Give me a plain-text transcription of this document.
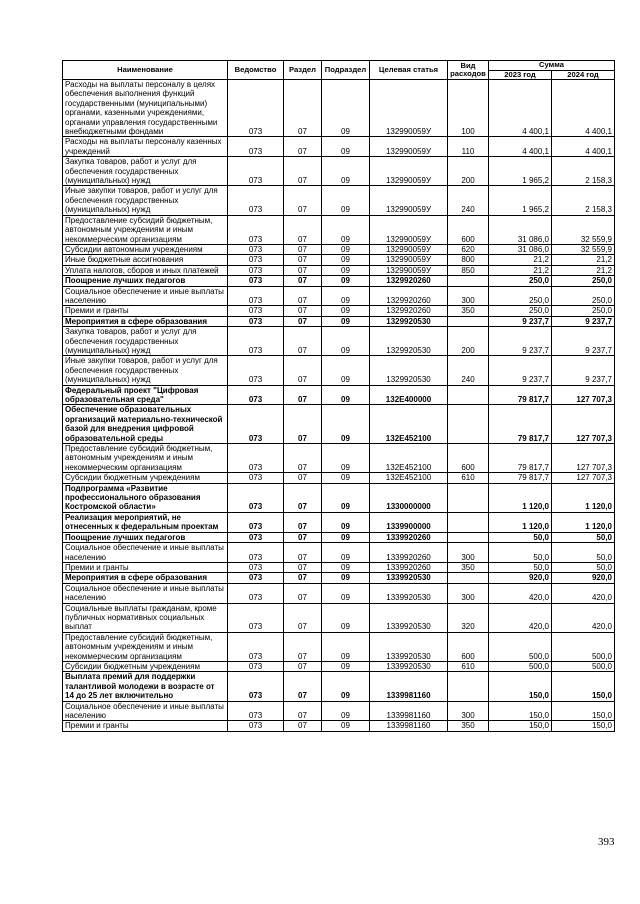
Наименование	Ведомство	Раздел	Подраздел	Целевая статья	Вид расходов	Сумма	
						2023 год	2024 год
Расходы на выплаты персоналу в целях обеспечения выполнения функций государственными (муниципальными) органами, казенными учреждениями, органами управления государственными внебюджетными фондами	073	07	09	132990059У	100	4 400,1	4 400,1
Расходы на выплаты персоналу казенных учреждений	073	07	09	132990059У	110	4 400,1	4 400,1
Закупка товаров, работ и услуг для обеспечения государственных (муниципальных) нужд	073	07	09	132990059У	200	1 965,2	2 158,3
Иные закупки товаров, работ и услуг для обеспечения государственных (муниципальных) нужд	073	07	09	132990059У	240	1 965,2	2 158,3
Предоставление субсидий бюджетным, автономным учреждениям и иным некоммерческим организациям	073	07	09	132990059У	600	31 086,0	32 559,9
Субсидии автономным учреждениям	073	07	09	132990059У	620	31 086,0	32 559,9
Иные бюджетные ассигнования	073	07	09	132990059У	800	21,2	21,2
Уплата налогов, сборов и иных платежей	073	07	09	132990059У	850	21,2	21,2
Поощрение лучших педагогов	073	07	09	1329920260		250,0	250,0
Социальное обеспечение и иные выплаты населению	073	07	09	1329920260	300	250,0	250,0
Премии и гранты	073	07	09	1329920260	350	250,0	250,0
Мероприятия в сфере образования	073	07	09	1329920530		9 237,7	9 237,7
Закупка товаров, работ и услуг для обеспечения государственных (муниципальных) нужд	073	07	09	1329920530	200	9 237,7	9 237,7
Иные закупки товаров, работ и услуг для обеспечения государственных (муниципальных) нужд	073	07	09	1329920530	240	9 237,7	9 237,7
Федеральный проект "Цифровая образовательная среда"	073	07	09	132E400000		79 817,7	127 707,3
Обеспечение образовательных организаций материально-технической базой для внедрения цифровой образовательной среды	073	07	09	132E452100		79 817,7	127 707,3
Предоставление субсидий бюджетным, автономным учреждениям и иным некоммерческим организациям	073	07	09	132E452100	600	79 817,7	127 707,3
Субсидии бюджетным учреждениям	073	07	09	132E452100	610	79 817,7	127 707,3
Подпрограмма «Развитие профессионального образования Костромской области»	073	07	09	1330000000		1 120,0	1 120,0
Реализация мероприятий, не отнесенных к федеральным проектам	073	07	09	1339900000		1 120,0	1 120,0
Поощрение лучших педагогов	073	07	09	1339920260		50,0	50,0
Социальное обеспечение и иные выплаты населению	073	07	09	1339920260	300	50,0	50,0
Премии и гранты	073	07	09	1339920260	350	50,0	50,0
Мероприятия в сфере образования	073	07	09	1339920530		920,0	920,0
Социальное обеспечение и иные выплаты населению	073	07	09	1339920530	300	420,0	420,0
Социальные выплаты гражданам, кроме публичных нормативных социальных выплат	073	07	09	1339920530	320	420,0	420,0
Предоставление субсидий бюджетным, автономным учреждениям и иным некоммерческим организациям	073	07	09	1339920530	600	500,0	500,0
Субсидии бюджетным учреждениям	073	07	09	1339920530	610	500,0	500,0
Выплата премий для поддержки талантливой молодежи в возрасте от 14 до 25 лет включительно	073	07	09	1339981160		150,0	150,0
Социальное обеспечение и иные выплаты населению	073	07	09	1339981160	300	150,0	150,0
Премии и гранты	073	07	09	1339981160	350	150,0	150,0
393
